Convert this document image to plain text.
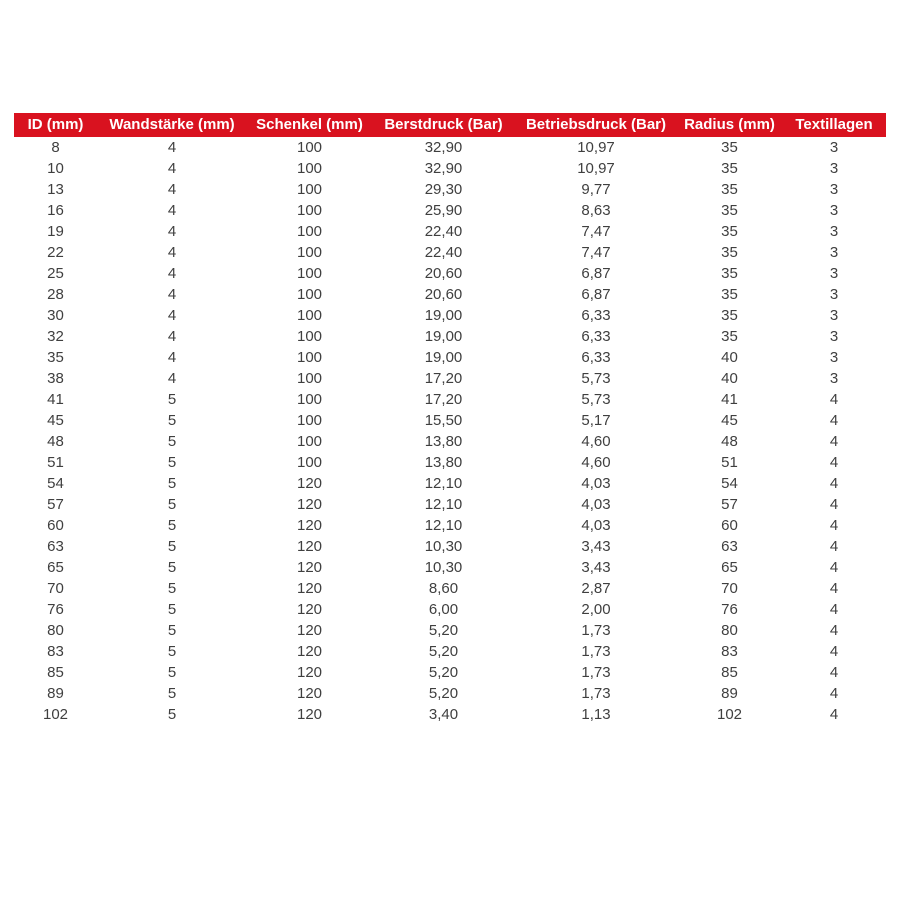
ID (mm)	Wandstärke (mm)	Schenkel (mm)	Berstdruck (Bar)	Betriebsdruck (Bar)	Radius (mm)	Textillagen
8	4	100	32,90	10,97	35	3
10	4	100	32,90	10,97	35	3
13	4	100	29,30	9,77	35	3
16	4	100	25,90	8,63	35	3
19	4	100	22,40	7,47	35	3
22	4	100	22,40	7,47	35	3
25	4	100	20,60	6,87	35	3
28	4	100	20,60	6,87	35	3
30	4	100	19,00	6,33	35	3
32	4	100	19,00	6,33	35	3
35	4	100	19,00	6,33	40	3
38	4	100	17,20	5,73	40	3
41	5	100	17,20	5,73	41	4
45	5	100	15,50	5,17	45	4
48	5	100	13,80	4,60	48	4
51	5	100	13,80	4,60	51	4
54	5	120	12,10	4,03	54	4
57	5	120	12,10	4,03	57	4
60	5	120	12,10	4,03	60	4
63	5	120	10,30	3,43	63	4
65	5	120	10,30	3,43	65	4
70	5	120	8,60	2,87	70	4
76	5	120	6,00	2,00	76	4
80	5	120	5,20	1,73	80	4
83	5	120	5,20	1,73	83	4
85	5	120	5,20	1,73	85	4
89	5	120	5,20	1,73	89	4
102	5	120	3,40	1,13	102	4
